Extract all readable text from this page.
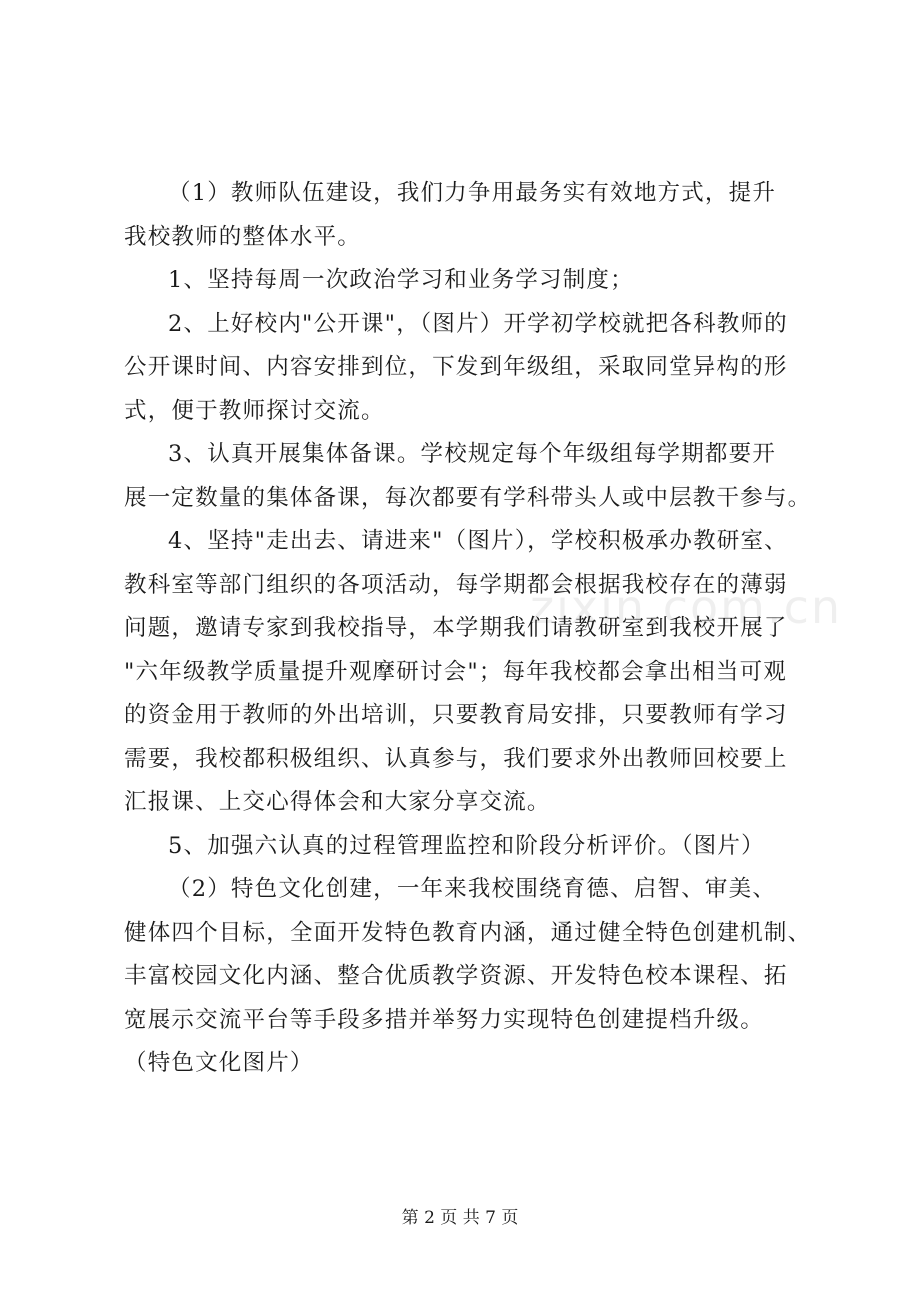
zixin.com.cn

（1）教师队伍建设，我们力争用最务实有效地方式，提升
我校教师的整体水平。

1、坚持每周一次政治学习和业务学习制度；

2、上好校内"公开课"，（图片）开学初学校就把各科教师的
公开课时间、内容安排到位，下发到年级组，采取同堂异构的形
式，便于教师探讨交流。

3、认真开展集体备课。学校规定每个年级组每学期都要开
展一定数量的集体备课，每次都要有学科带头人或中层教干参与。

4、坚持"走出去、请进来"（图片），学校积极承办教研室、
教科室等部门组织的各项活动，每学期都会根据我校存在的薄弱
问题，邀请专家到我校指导，本学期我们请教研室到我校开展了
"六年级教学质量提升观摩研讨会"；每年我校都会拿出相当可观
的资金用于教师的外出培训，只要教育局安排，只要教师有学习
需要，我校都积极组织、认真参与，我们要求外出教师回校要上
汇报课、上交心得体会和大家分享交流。

5、加强六认真的过程管理监控和阶段分析评价。（图片）

（2）特色文化创建，一年来我校围绕育德、启智、审美、
健体四个目标，全面开发特色教育内涵，通过健全特色创建机制、
丰富校园文化内涵、整合优质教学资源、开发特色校本课程、拓
宽展示交流平台等手段多措并举努力实现特色创建提档升级。
（特色文化图片）

第 2 页 共 7 页
